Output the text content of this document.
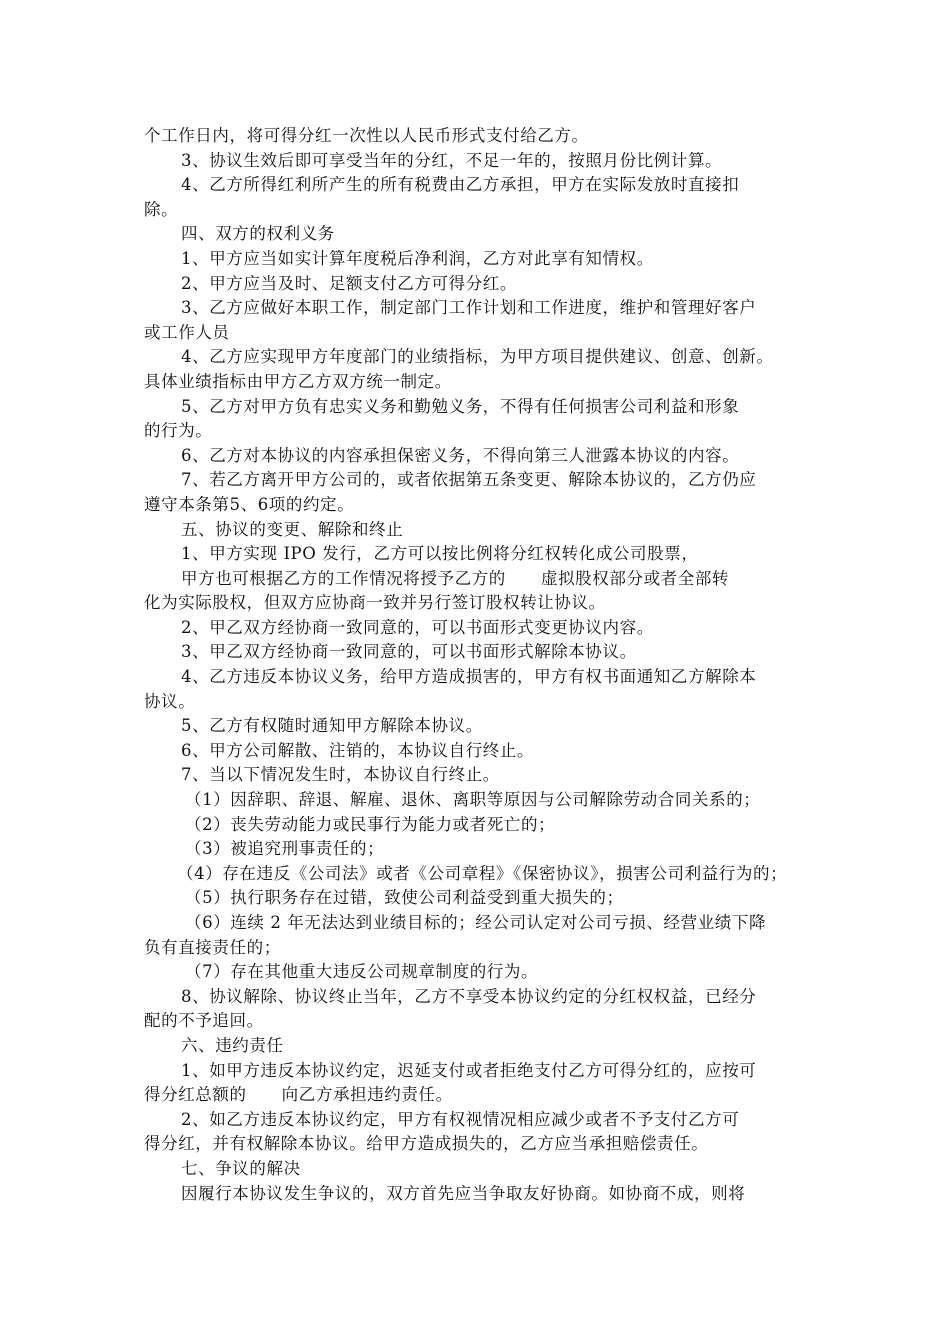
个工作日内，将可得分红一次性以人民币形式支付给乙方。
3、协议生效后即可享受当年的分红，不足一年的，按照月份比例计算。
4、乙方所得红利所产生的所有税费由乙方承担，甲方在实际发放时直接扣
除。
四、双方的权利义务
1、甲方应当如实计算年度税后净利润，乙方对此享有知情权。
2、甲方应当及时、足额支付乙方可得分红。
3、乙方应做好本职工作，制定部门工作计划和工作进度，维护和管理好客户
或工作人员
4、乙方应实现甲方年度部门的业绩指标，为甲方项目提供建议、创意、创新。
具体业绩指标由甲方乙方双方统一制定。
5、乙方对甲方负有忠实义务和勤勉义务，不得有任何损害公司利益和形象
的行为。
6、乙方对本协议的内容承担保密义务，不得向第三人泄露本协议的内容。
7、若乙方离开甲方公司的，或者依据第五条变更、解除本协议的，乙方仍应
遵守本条第5、6项的约定。
五、协议的变更、解除和终止
1、甲方实现 IPO 发行，乙方可以按比例将分红权转化成公司股票，
甲方也可根据乙方的工作情况将授予乙方的      虚拟股权部分或者全部转
化为实际股权，但双方应协商一致并另行签订股权转让协议。
2、甲乙双方经协商一致同意的，可以书面形式变更协议内容。
3、甲乙双方经协商一致同意的，可以书面形式解除本协议。
4、乙方违反本协议义务，给甲方造成损害的，甲方有权书面通知乙方解除本
协议。
5、乙方有权随时通知甲方解除本协议。
6、甲方公司解散、注销的，本协议自行终止。
7、当以下情况发生时，本协议自行终止。
（1）因辞职、辞退、解雇、退休、离职等原因与公司解除劳动合同关系的；
（2）丧失劳动能力或民事行为能力或者死亡的；
（3）被追究刑事责任的；
（4）存在违反《公司法》或者《公司章程》《保密协议》，损害公司利益行为的；
（5）执行职务存在过错，致使公司利益受到重大损失的；
（6）连续 2 年无法达到业绩目标的；经公司认定对公司亏损、经营业绩下降
负有直接责任的；
（7）存在其他重大违反公司规章制度的行为。
8、协议解除、协议终止当年，乙方不享受本协议约定的分红权权益，已经分
配的不予追回。
六、违约责任
1、如甲方违反本协议约定，迟延支付或者拒绝支付乙方可得分红的，应按可
得分红总额的      向乙方承担违约责任。
2、如乙方违反本协议约定，甲方有权视情况相应减少或者不予支付乙方可
得分红，并有权解除本协议。给甲方造成损失的，乙方应当承担赔偿责任。
七、争议的解决
因履行本协议发生争议的，双方首先应当争取友好协商。如协商不成，则将
